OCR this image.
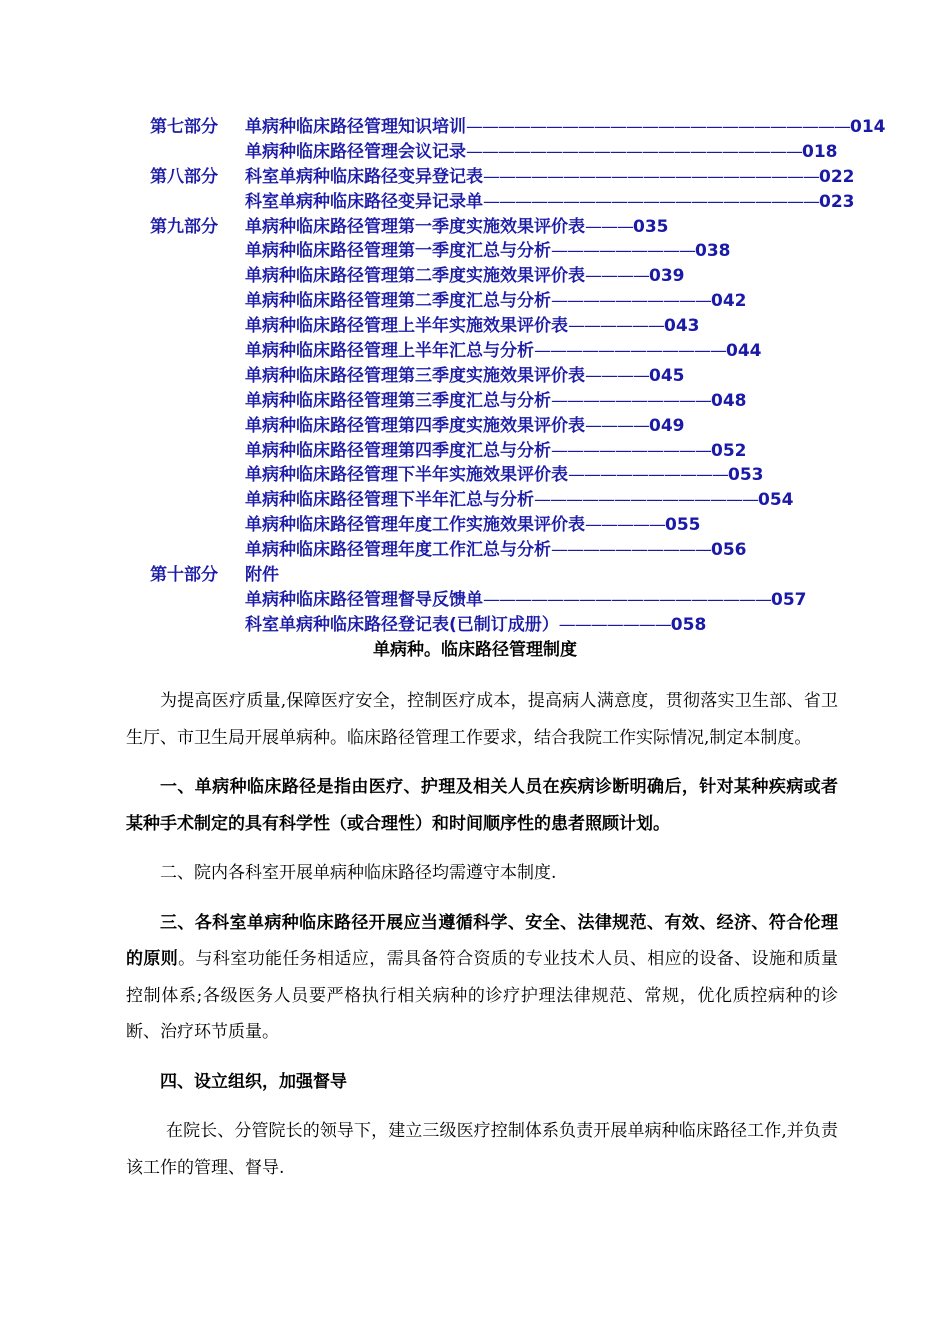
第七部分 单病种临床路径管理知识培训————————————————————————014
单病种临床路径管理会议记录—————————————————————018
第八部分 科室单病种临床路径变异登记表—————————————————————022
科室单病种临床路径变异记录单—————————————————————023
第九部分 单病种临床路径管理第一季度实施效果评价表———035
单病种临床路径管理第一季度汇总与分析—————————038
单病种临床路径管理第二季度实施效果评价表————039
单病种临床路径管理第二季度汇总与分析——————————042
单病种临床路径管理上半年实施效果评价表——————043
单病种临床路径管理上半年汇总与分析————————————044
单病种临床路径管理第三季度实施效果评价表————045
单病种临床路径管理第三季度汇总与分析——————————048
单病种临床路径管理第四季度实施效果评价表————049
单病种临床路径管理第四季度汇总与分析——————————052
单病种临床路径管理下半年实施效果评价表——————————053
单病种临床路径管理下半年汇总与分析——————————————054
单病种临床路径管理年度工作实施效果评价表—————055
单病种临床路径管理年度工作汇总与分析——————————056
第十部分 附件
单病种临床路径管理督导反馈单——————————————————057
科室单病种临床路径登记表(已制订成册）———————058
单病种。临床路径管理制度

为提高医疗质量,保障医疗安全，控制医疗成本，提高病人满意度，贯彻落实卫生部、省卫生厅、市卫生局开展单病种。临床路径管理工作要求，结合我院工作实际情况,制定本制度。

一、单病种临床路径是指由医疗、护理及相关人员在疾病诊断明确后，针对某种疾病或者某种手术制定的具有科学性（或合理性）和时间顺序性的患者照顾计划。

二、院内各科室开展单病种临床路径均需遵守本制度.

三、各科室单病种临床路径开展应当遵循科学、安全、法律规范、有效、经济、符合伦理的原则。与科室功能任务相适应，需具备符合资质的专业技术人员、相应的设备、设施和质量控制体系;各级医务人员要严格执行相关病种的诊疗护理法律规范、常规，优化质控病种的诊断、治疗环节质量。

四、设立组织，加强督导

在院长、分管院长的领导下，建立三级医疗控制体系负责开展单病种临床路径工作,并负责该工作的管理、督导.
